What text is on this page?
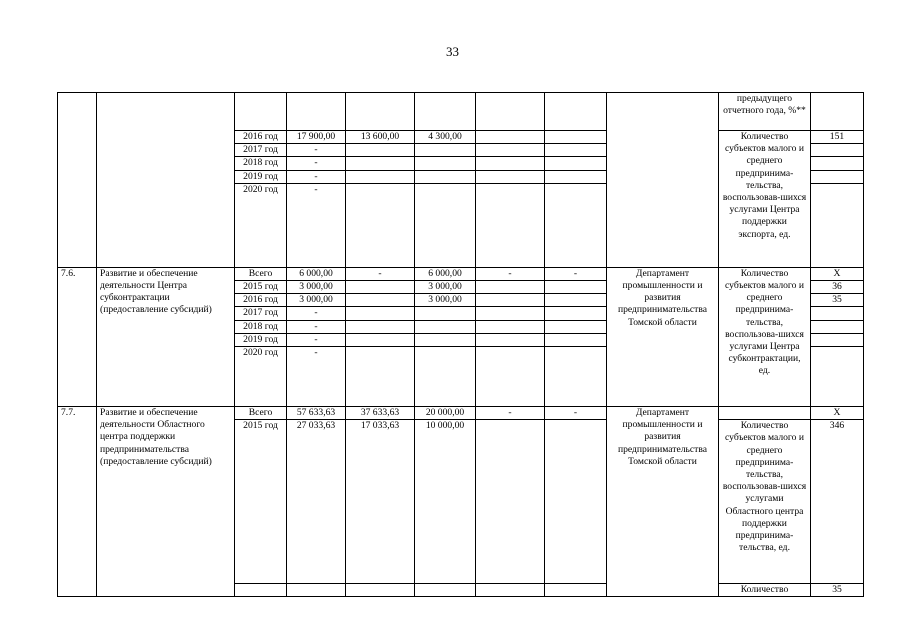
33
									предыдущего отчетного года, %**	
		2016 год	17 900,00	13 600,00	4 300,00				Количество субъектов малого и среднего предпринима-тельства, воспользовав-шихся услугами Центра поддержки экспорта, ед.	151
		2017 год	-							
		2018 год	-							
		2019 год	-							
		2020 год	-							
7.6.	Развитие и обеспечение деятельности Центра субконтрактации (предоставление субсидий)	Всего	6 000,00	-	6 000,00	-	-	Департамент промышленности и развития предпринимательства Томской области	Количество субъектов малого и среднего предпринима-тельства, воспользова-шихся услугами Центра субконтрактации, ед.	X
		2015 год	3 000,00		3 000,00					36
		2016 год	3 000,00		3 000,00					35
		2017 год	-							
		2018 год	-							
		2019 год	-							
		2020 год	-							
7.7.	Развитие и обеспечение деятельности Областного центра поддержки предпринимательства (предоставление субсидий)	Всего	57 633,63	37 633,63	20 000,00	-	-	Департамент промышленности и развития предпринимательства Томской области		X
		2015 год	27 033,63	17 033,63	10 000,00				Количество субъектов малого и среднего предпринима-тельства, воспользовав-шихся услугами Областного центра поддержки предпринима-тельства, ед.	346
									Количество	35
